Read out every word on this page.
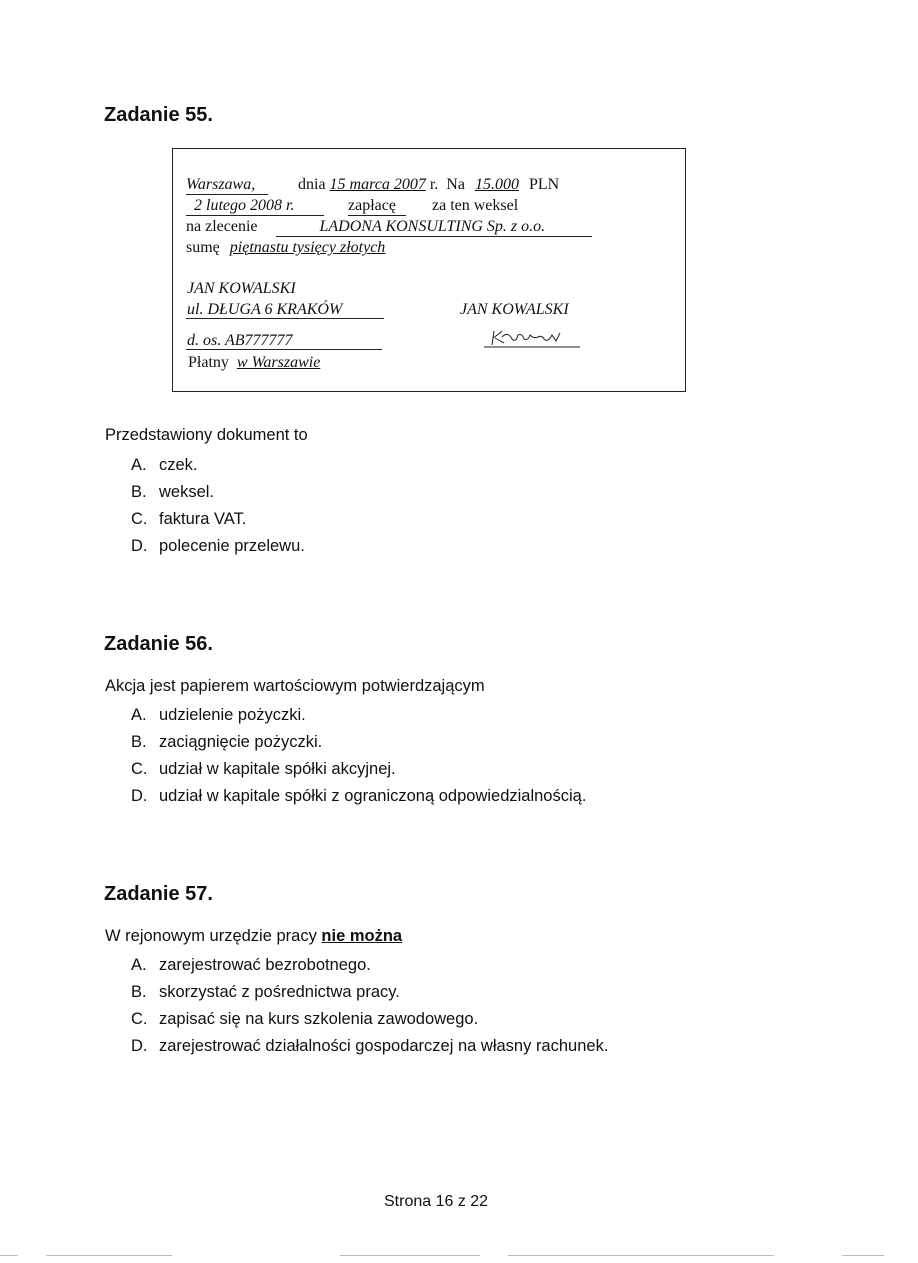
Zadanie 55.
Warszawa,	dnia 15 marca 2007 r. Na 15.000 PLN
2 lutego 2008 r.	zapłacę za ten weksel
na zlecenie	LADONA KONSULTING Sp. z o.o.
sumę piętnastu tysięcy złotych
JAN KOWALSKI
ul. DŁUGA 6 KRAKÓW	JAN KOWALSKI
d. os. AB777777
Płatny w Warszawie
Przedstawiony dokument to
A. czek.
B. weksel.
C. faktura VAT.
D. polecenie przelewu.
Zadanie 56.
Akcja jest papierem wartościowym potwierdzającym
A. udzielenie pożyczki.
B. zaciągnięcie pożyczki.
C. udział w kapitale spółki akcyjnej.
D. udział w kapitale spółki z ograniczoną odpowiedzialnością.
Zadanie 57.
W rejonowym urzędzie pracy nie można
A. zarejestrować bezrobotnego.
B. skorzystać z pośrednictwa pracy.
C. zapisać się na kurs szkolenia zawodowego.
D. zarejestrować działalności gospodarczej na własny rachunek.
Strona 16 z 22
